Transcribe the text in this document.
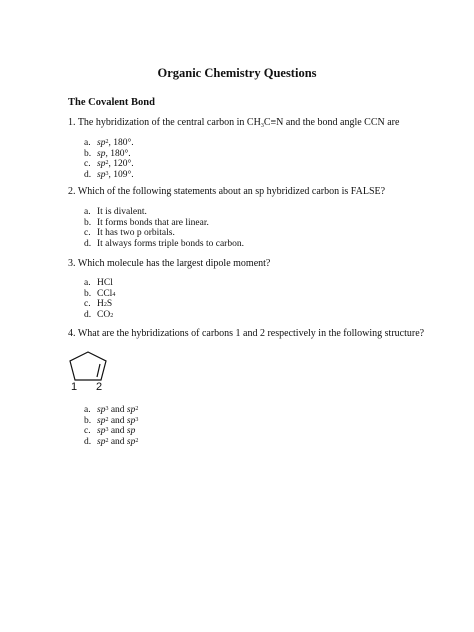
Organic Chemistry Questions
The Covalent Bond
1. The hybridization of the central carbon in $CH_3C\equiv N$ and the bond angle CCN are
a. $sp^2$, 180°.
b. sp, 180°.
c. $sp^2$, 120°.
d. $sp^3$, 109°.
2. Which of the following statements about an sp hybridized carbon is FALSE?
a. It is divalent.
b. It forms bonds that are linear.
c. It has two p orbitals.
d. It always forms triple bonds to carbon.
3. Which molecule has the largest dipole moment?
a. HCl
b. CCl$_4$
c. $H_2S$
d. $CO_2$
4. What are the hybridizations of carbons 1 and 2 respectively in the following structure?
1 2
a. $sp^3$ and $sp^2$
b. $sp^2$ and $sp^3$
c. $sp^3$ and sp
d. $sp^2$ and $sp^2$
